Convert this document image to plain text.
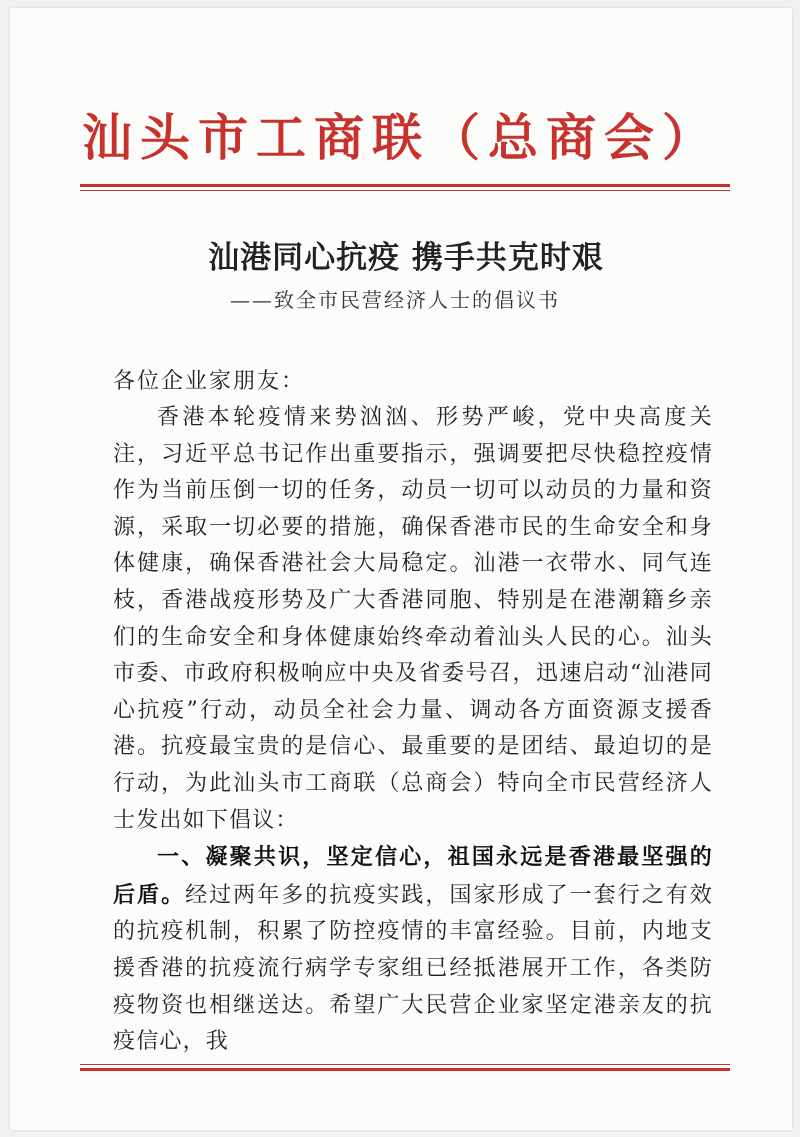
汕头市工商联（总商会）
汕港同心抗疫 携手共克时艰
——致全市民营经济人士的倡议书
各位企业家朋友：

香港本轮疫情来势汹汹、形势严峻，党中央高度关注，习近平总书记作出重要指示，强调要把尽快稳控疫情作为当前压倒一切的任务，动员一切可以动员的力量和资源，采取一切必要的措施，确保香港市民的生命安全和身体健康，确保香港社会大局稳定。汕港一衣带水、同气连枝，香港战疫形势及广大香港同胞、特别是在港潮籍乡亲们的生命安全和身体健康始终牵动着汕头人民的心。汕头市委、市政府积极响应中央及省委号召，迅速启动“汕港同心抗疫”行动，动员全社会力量、调动各方面资源支援香港。抗疫最宝贵的是信心、最重要的是团结、最迫切的是行动，为此汕头市工商联（总商会）特向全市民营经济人士发出如下倡议：

一、凝聚共识，坚定信心，祖国永远是香港最坚强的后盾。经过两年多的抗疫实践，国家形成了一套行之有效的抗疫机制，积累了防控疫情的丰富经验。目前，内地支援香港的抗疫流行病学专家组已经抵港展开工作，各类防疫物资也相继送达。希望广大民营企业家坚定港亲友的抗疫信心，我
